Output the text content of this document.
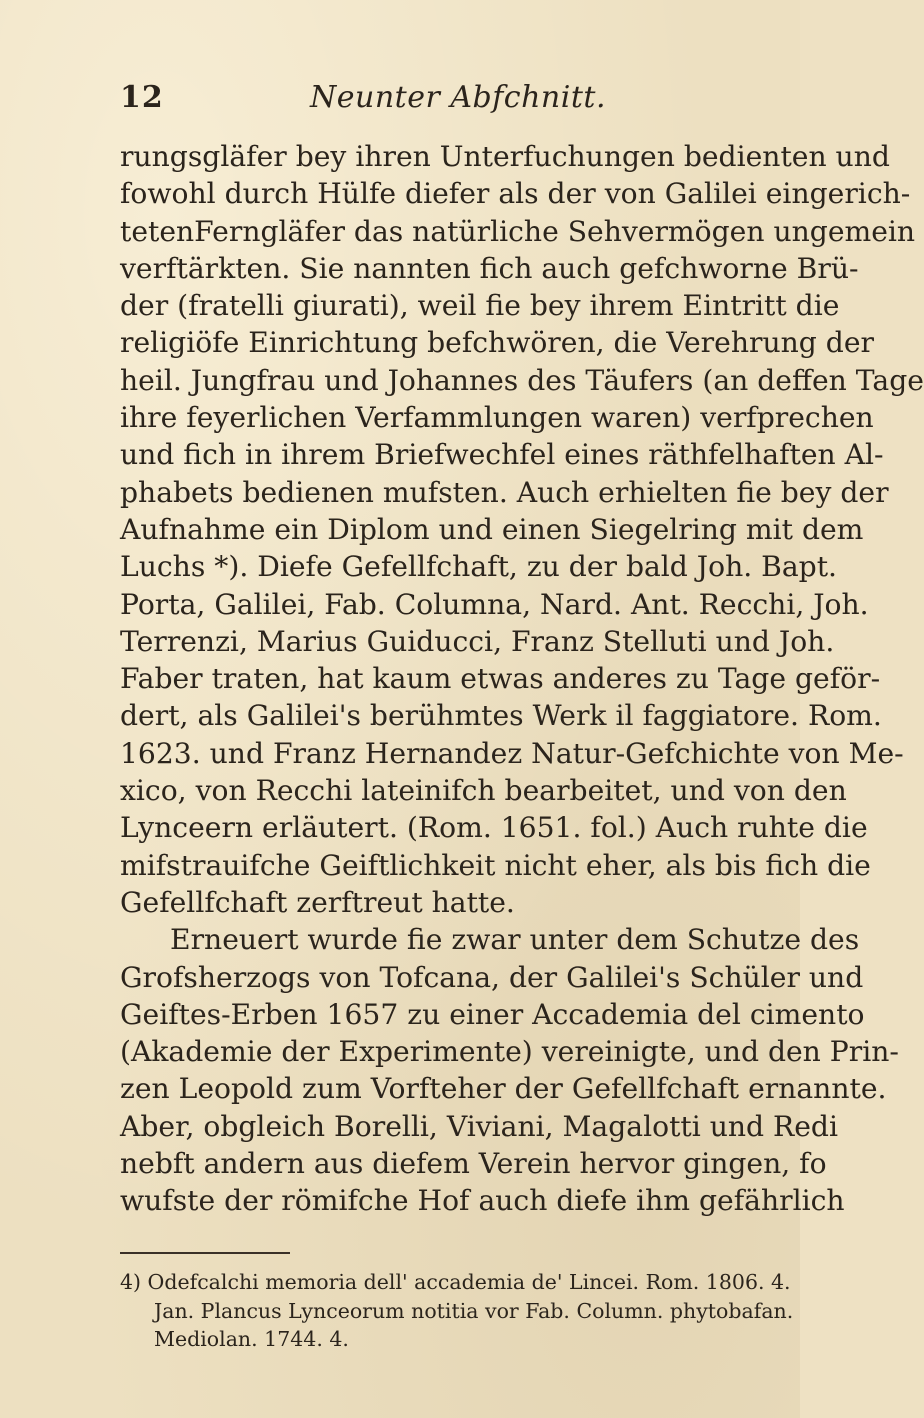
12	Neunter Abfchnitt.
rungsgläfer bey ihren Unterfuchungen bedienten und
fowohl durch Hülfe diefer als der von Galilei eingerich-
tetenFerngläfer das natürliche Sehvermögen ungemein
verftärkten. Sie nannten fich auch gefchworne Brü-
der (fratelli giurati), weil fie bey ihrem Eintritt die
religiöfe Einrichtung befchwören, die Verehrung der
heil. Jungfrau und Johannes des Täufers (an deffen Tage
ihre feyerlichen Verfammlungen waren) verfprechen
und fich in ihrem Briefwechfel eines räthfelhaften Al-
phabets bedienen mufsten. Auch erhielten fie bey der
Aufnahme ein Diplom und einen Siegelring mit dem
Luchs *). Diefe Gefellfchaft, zu der bald Joh. Bapt.
Porta, Galilei, Fab. Columna, Nard. Ant. Recchi, Joh.
Terrenzi, Marius Guiducci, Franz Stelluti und Joh.
Faber traten, hat kaum etwas anderes zu Tage geför-
dert, als Galilei's berühmtes Werk il faggiatore. Rom.
1623. und Franz Hernandez Natur-Gefchichte von Me-
xico, von Recchi lateinifch bearbeitet, und von den
Lynceern erläutert. (Rom. 1651. fol.) Auch ruhte die
mifstrauifche Geiftlichkeit nicht eher, als bis fich die
Gefellfchaft zerftreut hatte.
Erneuert wurde fie zwar unter dem Schutze des
Grofsherzogs von Tofcana, der Galilei's Schüler und
Geiftes-Erben 1657 zu einer Accademia del cimento
(Akademie der Experimente) vereinigte, und den Prin-
zen Leopold zum Vorfteher der Gefellfchaft ernannte.
Aber, obgleich Borelli, Viviani, Magalotti und Redi
nebft andern aus diefem Verein hervor gingen, fo
wufste der römifche Hof auch diefe ihm gefährlich
4) Odefcalchi memoria dell' accademia de' Lincei. Rom. 1806. 4.
Jan. Plancus Lynceorum notitia vor Fab. Column. phytobafan.
Mediolan. 1744. 4.
